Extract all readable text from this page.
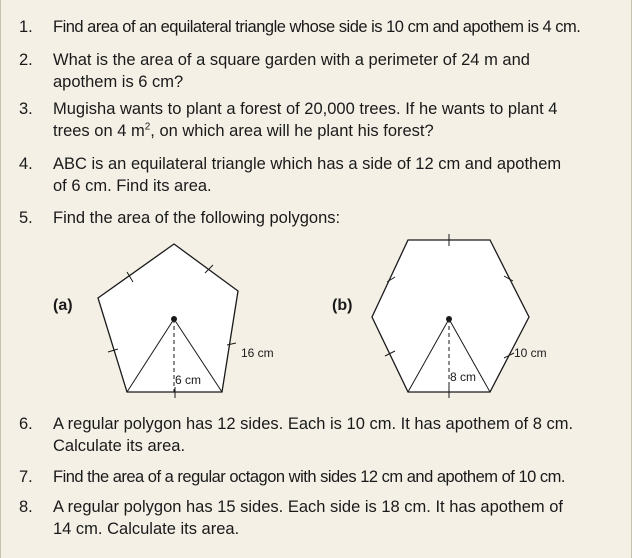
1. Find area of an equilateral triangle whose side is 10 cm and apothem is 4 cm.
2. What is the area of a square garden with a perimeter of 24 m and
apothem is 6 cm?
3. Mugisha wants to plant a forest of 20,000 trees. If he wants to plant 4
trees on 4 $m^2$, on which area will he plant his forest?
4. ABC is an equilateral triangle which has a side of 12 cm and apothem
of 6 cm. Find its area.
5. Find the area of the following polygons:
(a)
16 cm
6 cm
(b)
10 cm
8 cm
6. A regular polygon has 12 sides. Each is 10 cm. It has apothem of 8 cm.
Calculate its area.
7. Find the area of a regular octagon with sides 12 cm and apothem of 10 cm.
8. A regular polygon has 15 sides. Each side is 18 cm. It has apothem of
14 cm. Calculate its area.
